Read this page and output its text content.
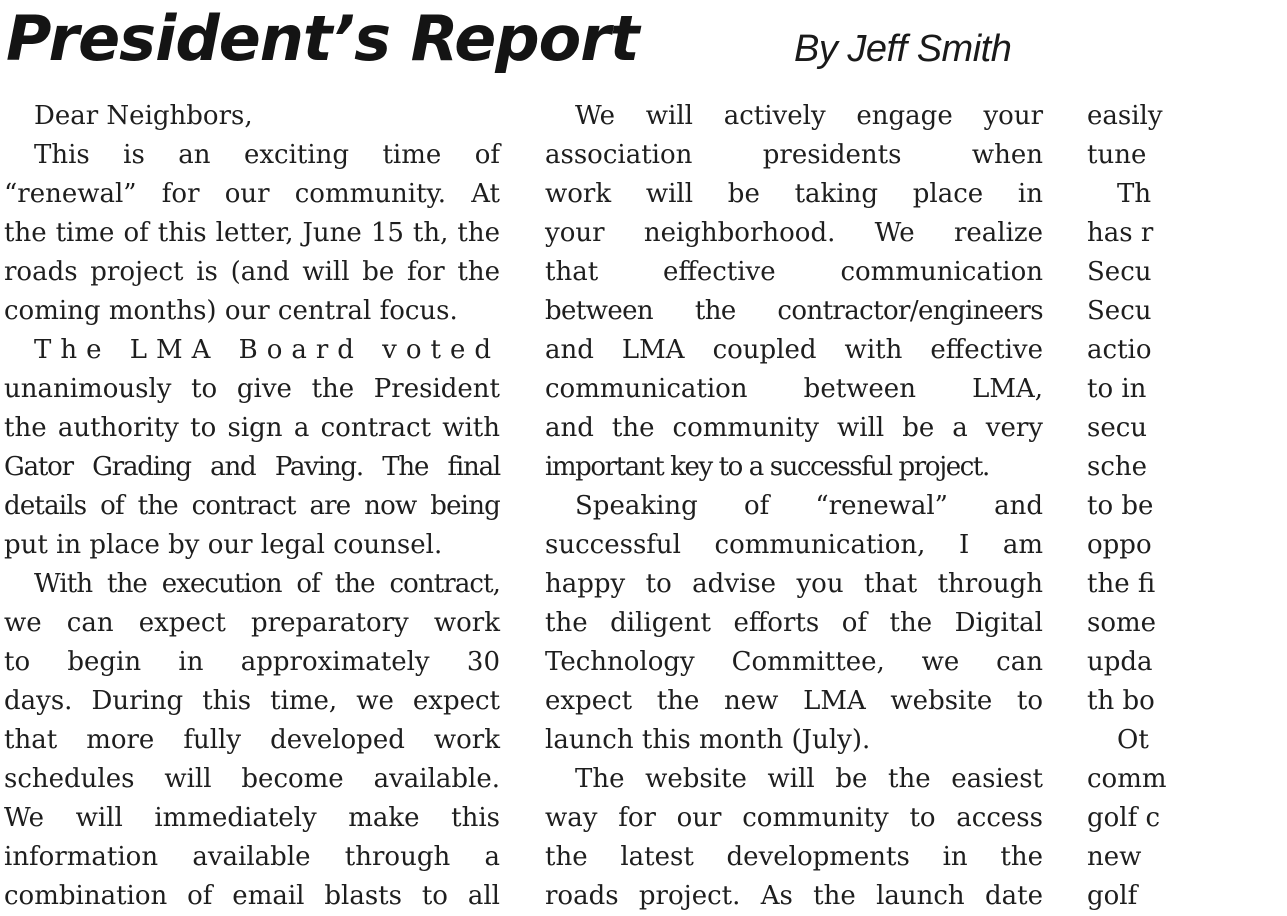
President’s Report	By Jeff Smith
Dear Neighbors,
This is an exciting time of
“renewal” for our community. At
the time of this letter, June 15 th, the
roads project is (and will be for the
coming months) our central focus.
The LMA Board voted
unanimously to give the President
the authority to sign a contract with
Gator Grading and Paving. The final
details of the contract are now being
put in place by our legal counsel.
With the execution of the contract,
we can expect preparatory work
to begin in approximately 30
days. During this time, we expect
that more fully developed work
schedules will become available.
We will immediately make this
information available through a
combination of email blasts to all
We will actively engage your
association presidents when
work will be taking place in
your neighborhood. We realize
that effective communication
between the contractor/engineers
and LMA coupled with effective
communication between LMA,
and the community will be a very
important key to a successful project.
Speaking of “renewal” and
successful communication, I am
happy to advise you that through
the diligent efforts of the Digital
Technology Committee, we can
expect the new LMA website to
launch this month (July).
The website will be the easiest
way for our community to access
the latest developments in the
roads project. As the launch date
easily
tune
Th
has r
Secu
Secu
actio
to in
secu
sche
to be
oppo
the fi
some
upda
th bo
Ot
comm
golf c
new
golf
